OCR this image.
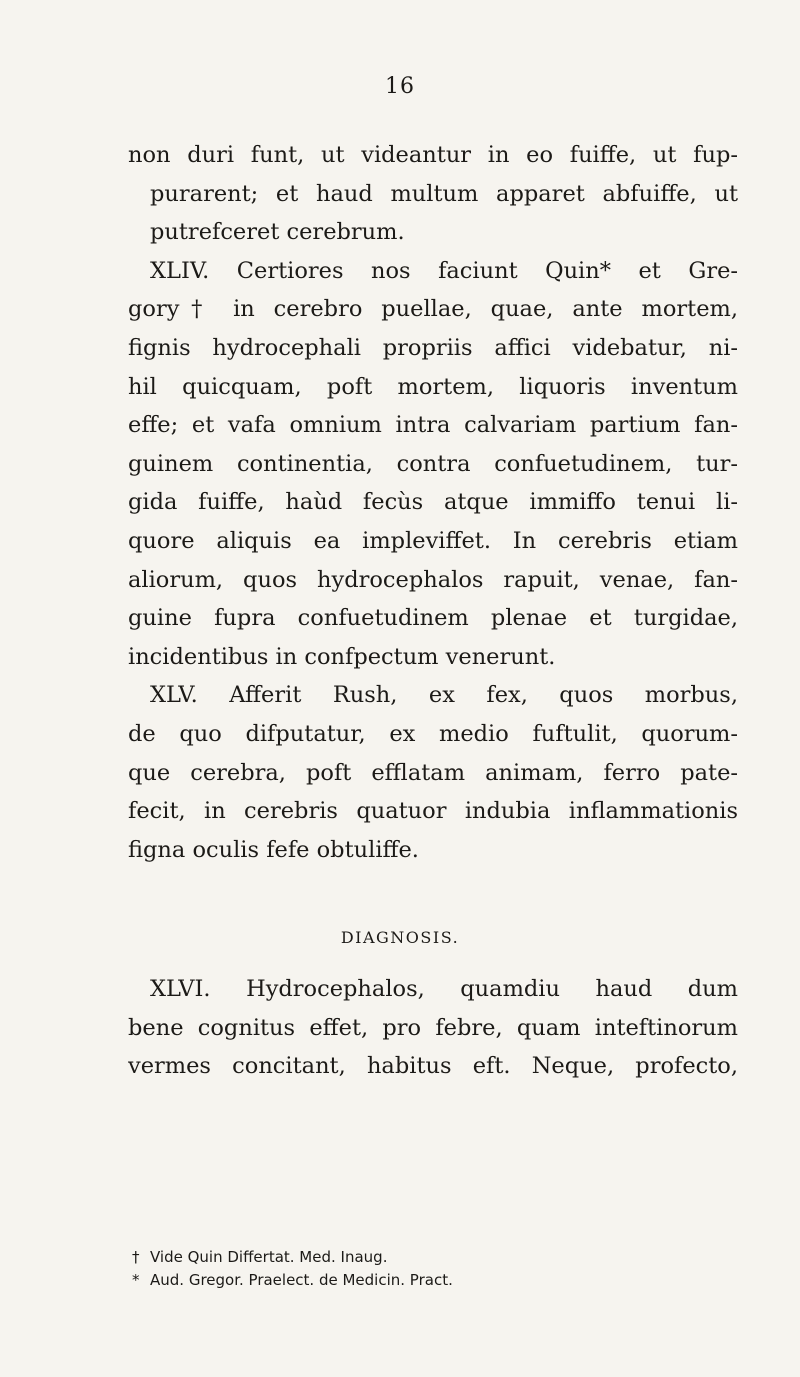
16
non duri funt, ut videantur in eo fuiffe, ut fup-
purarent; et haud multum apparet abfuiffe, ut
putrefceret cerebrum.
XLIV. Certiores nos faciunt Quin* et Gre-
gory† in cerebro puellae, quae, ante mortem,
fignis hydrocephali propriis affici videbatur, ni-
hil quicquam, poft mortem, liquoris inventum
effe; et vafa omnium intra calvariam partium fan-
guinem continentia, contra confuetudinem, tur-
gida fuiffe, haùd fecùs atque immiffo tenui li-
quore aliquis ea impleviffet. In cerebris etiam
aliorum, quos hydrocephalos rapuit, venae, fan-
guine fupra confuetudinem plenae et turgidae,
incidentibus in confpectum venerunt.
XLV. Afferit Rush, ex fex, quos morbus,
de quo difputatur, ex medio fuftulit, quorum-
que cerebra, poft efflatam animam, ferro pate-
fecit, in cerebris quatuor indubia inflammationis
figna oculis fefe obtuliffe.
DIAGNOSIS.
XLVI. Hydrocephalos, quamdiu haud dum
bene cognitus effet, pro febre, quam inteftinorum
vermes concitant, habitus eft. Neque, profecto,
† Vide Quin Differtat. Med. Inaug.
* Aud. Gregor. Praelect. de Medicin. Pract.
